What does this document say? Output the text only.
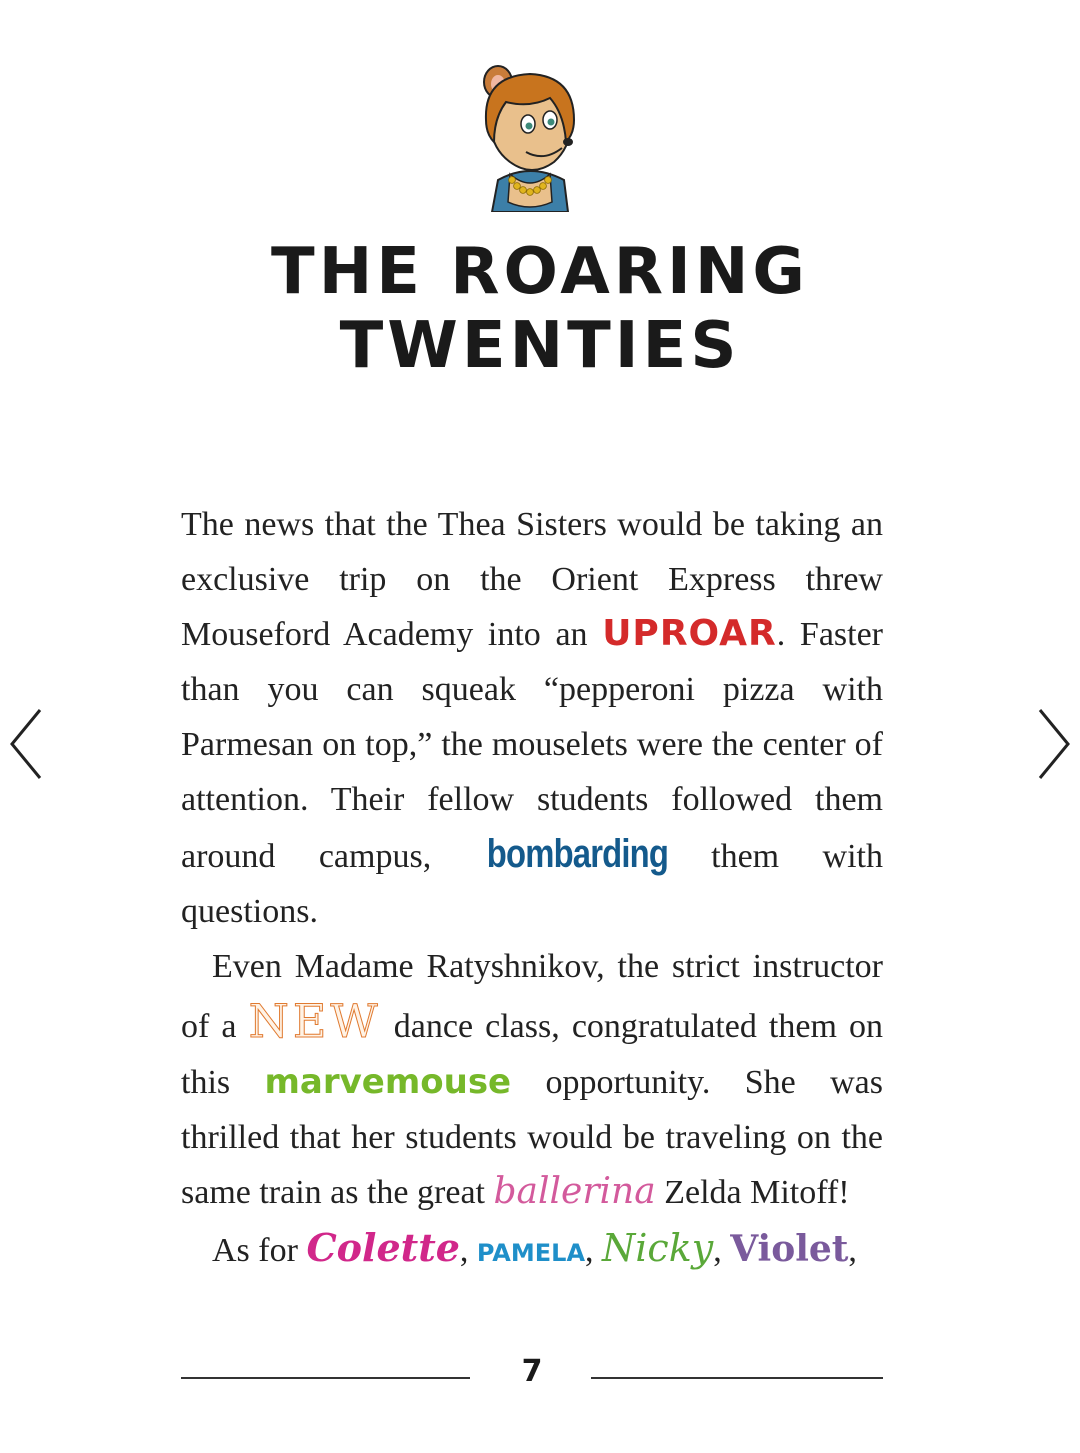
THE ROARING
TWENTIES

The news that the Thea Sisters would be taking an exclusive trip on the Orient Express threw Mouseford Academy into an UPROAR. Faster than you can squeak “pepperoni pizza with Parmesan on top,” the mouselets were the center of attention. Their fellow students followed them around campus, bombarding them with questions.

Even Madame Ratyshnikov, the strict instructor of a NEW dance class, congratulated them on this marvemouse opportunity. She was thrilled that her students would be traveling on the same train as the great ballerina Zelda Mitoff!

As for Colette, PAMELA, Nicky, Violet,

7
